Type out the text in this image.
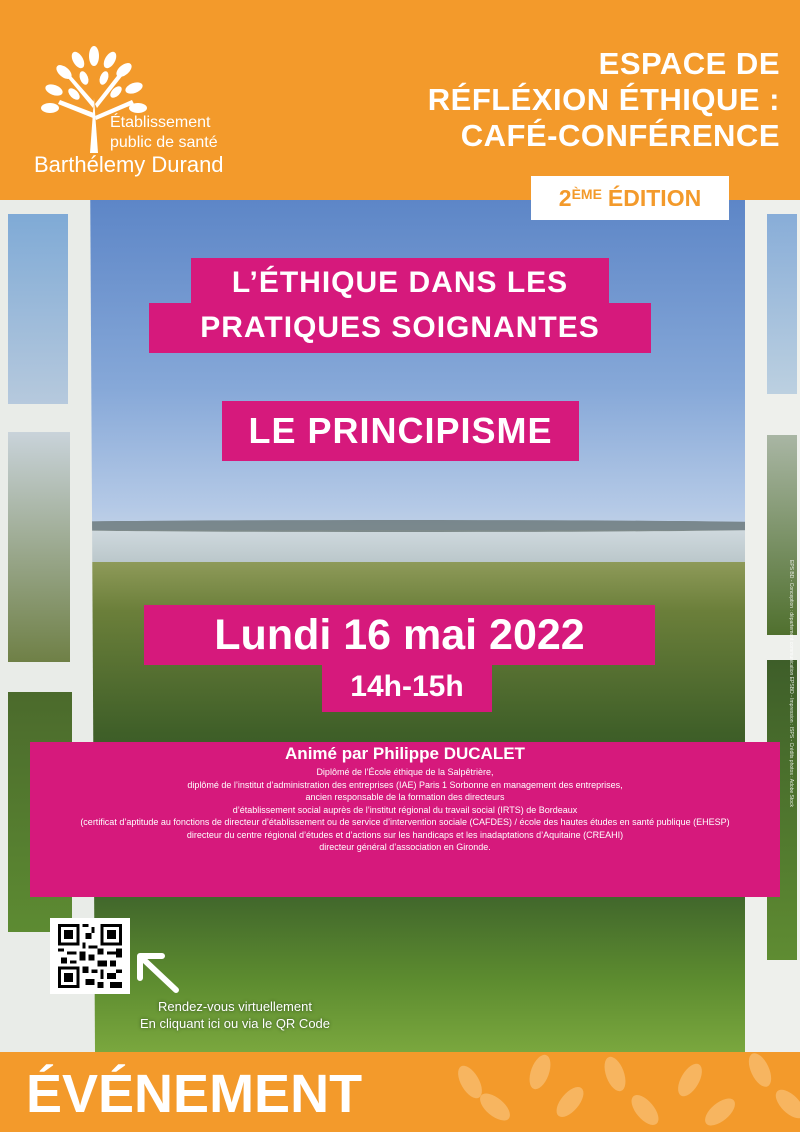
Établissement
public de santé
Barthélemy Durand
ESPACE DE
RÉFLÉXION ÉTHIQUE :
CAFÉ-CONFÉRENCE
2ÈME ÉDITION
L’ÉTHIQUE DANS LES
PRATIQUES SOIGNANTES
LE PRINCIPISME
Lundi 16 mai 2022
14h-15h
Animé par Philippe DUCALET
Diplômé de l’École éthique de la Salpêtrière,
diplômé de l’institut d’administration des entreprises (IAE) Paris 1 Sorbonne en management des entreprises,
ancien responsable de la formation des directeurs
d’établissement social auprès de l’institut régional du travail social (IRTS) de Bordeaux
(certificat d’aptitude au fonctions de directeur d’établissement ou de service d’intervention sociale (CAFDES) / école des hautes études en santé publique (EHESP)
directeur du centre régional d’études et d’actions sur les handicaps et les inadaptations d’Aquitaine (CREAHI)
directeur général d’association en Gironde.
Rendez-vous virtuellement
En cliquant ici ou via le QR Code
EPS BD - Conception : département communication EPSBD - Impression : ISPS - Crédits photos : Adobe Stock
ÉVÉNEMENT
